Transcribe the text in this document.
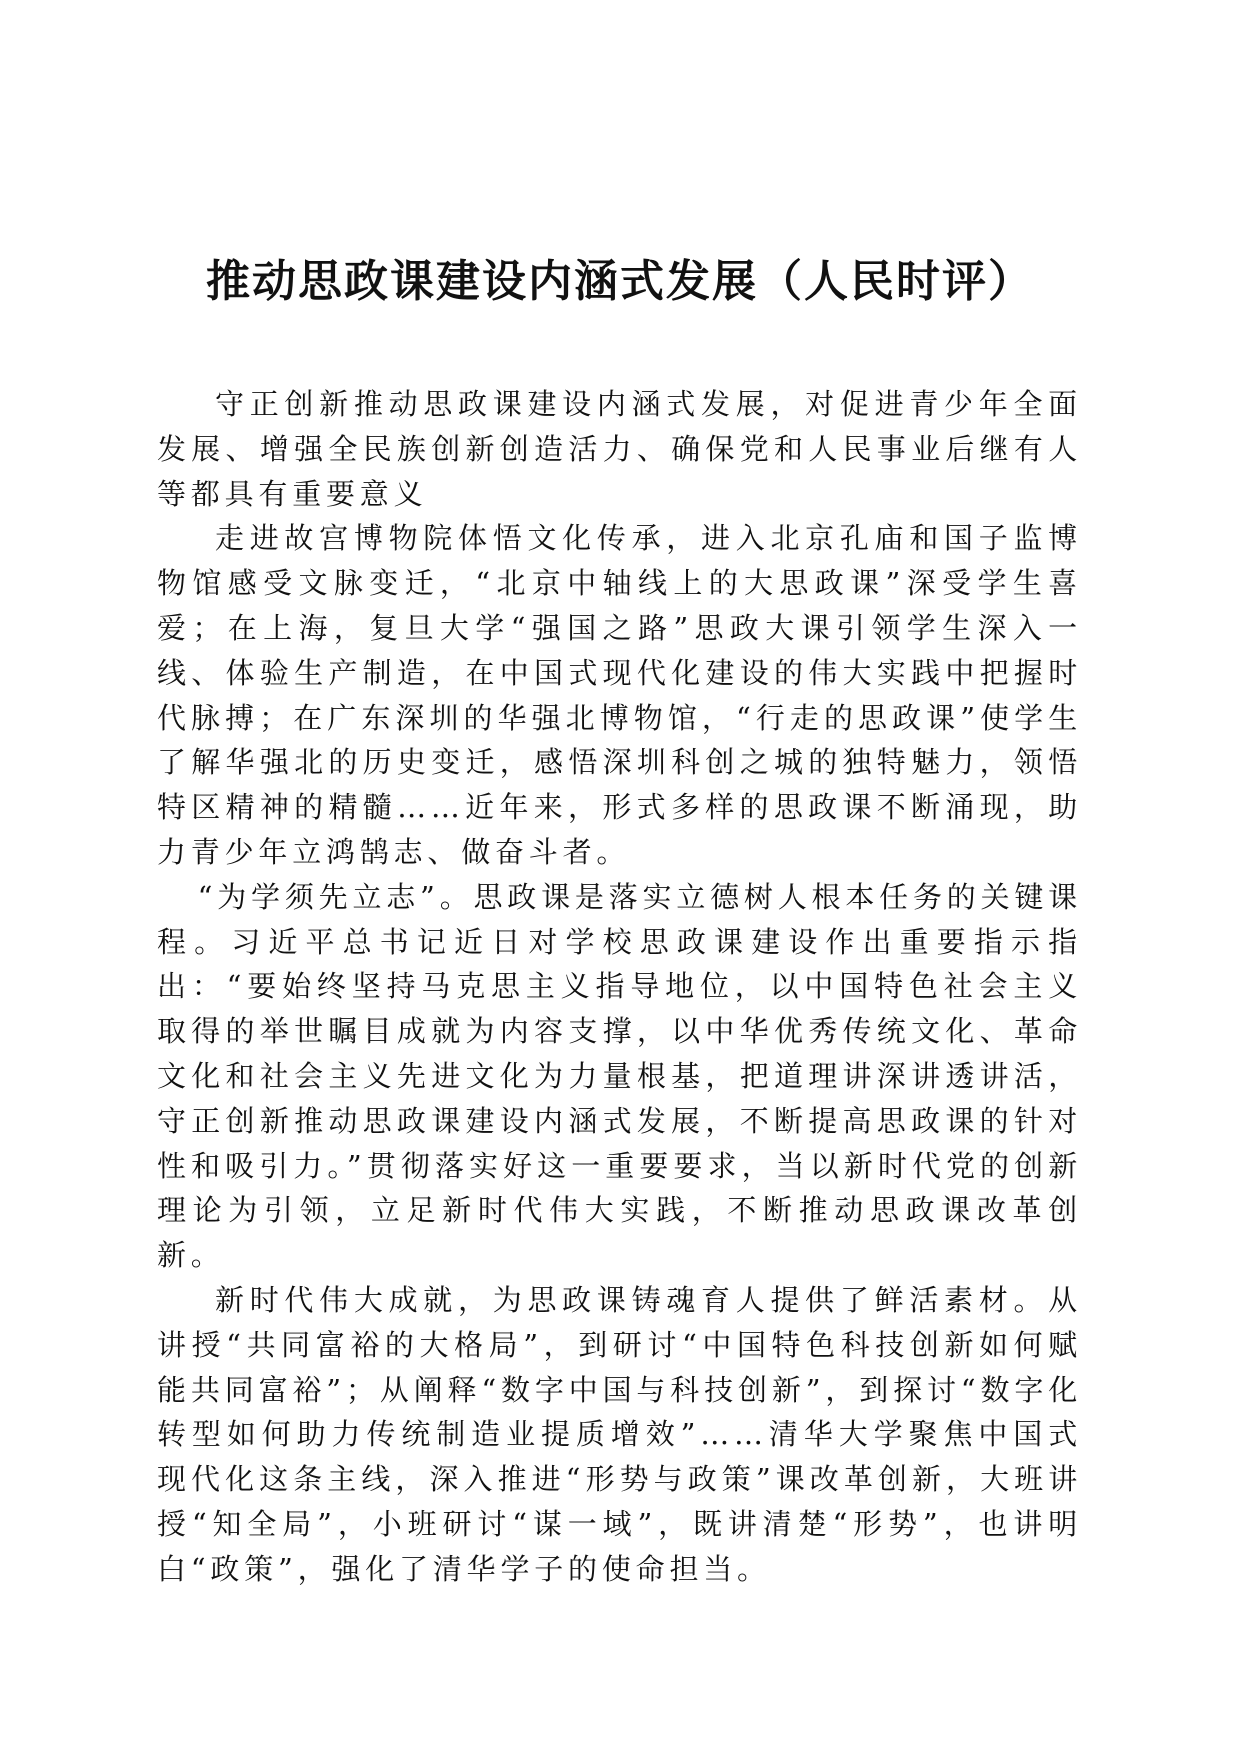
推动思政课建设内涵式发展（人民时评）

守正创新推动思政课建设内涵式发展，对促进青少年全面发展、增强全民族创新创造活力、确保党和人民事业后继有人等都具有重要意义

走进故宫博物院体悟文化传承，进入北京孔庙和国子监博物馆感受文脉变迁，“北京中轴线上的大思政课”深受学生喜爱；在上海，复旦大学“强国之路”思政大课引领学生深入一线、体验生产制造，在中国式现代化建设的伟大实践中把握时代脉搏；在广东深圳的华强北博物馆，“行走的思政课”使学生了解华强北的历史变迁，感悟深圳科创之城的独特魅力，领悟特区精神的精髓……近年来，形式多样的思政课不断涌现，助力青少年立鸿鹄志、做奋斗者。

“为学须先立志”。思政课是落实立德树人根本任务的关键课程。习近平总书记近日对学校思政课建设作出重要指示指出：“要始终坚持马克思主义指导地位，以中国特色社会主义取得的举世瞩目成就为内容支撑，以中华优秀传统文化、革命文化和社会主义先进文化为力量根基，把道理讲深讲透讲活，守正创新推动思政课建设内涵式发展，不断提高思政课的针对性和吸引力。”贯彻落实好这一重要要求，当以新时代党的创新理论为引领，立足新时代伟大实践，不断推动思政课改革创新。

新时代伟大成就，为思政课铸魂育人提供了鲜活素材。从讲授“共同富裕的大格局”，到研讨“中国特色科技创新如何赋能共同富裕”；从阐释“数字中国与科技创新”，到探讨“数字化转型如何助力传统制造业提质增效”……清华大学聚焦中国式现代化这条主线，深入推进“形势与政策”课改革创新，大班讲授“知全局”，小班研讨“谋一域”，既讲清楚“形势”，也讲明白“政策”，强化了清华学子的使命担当。
